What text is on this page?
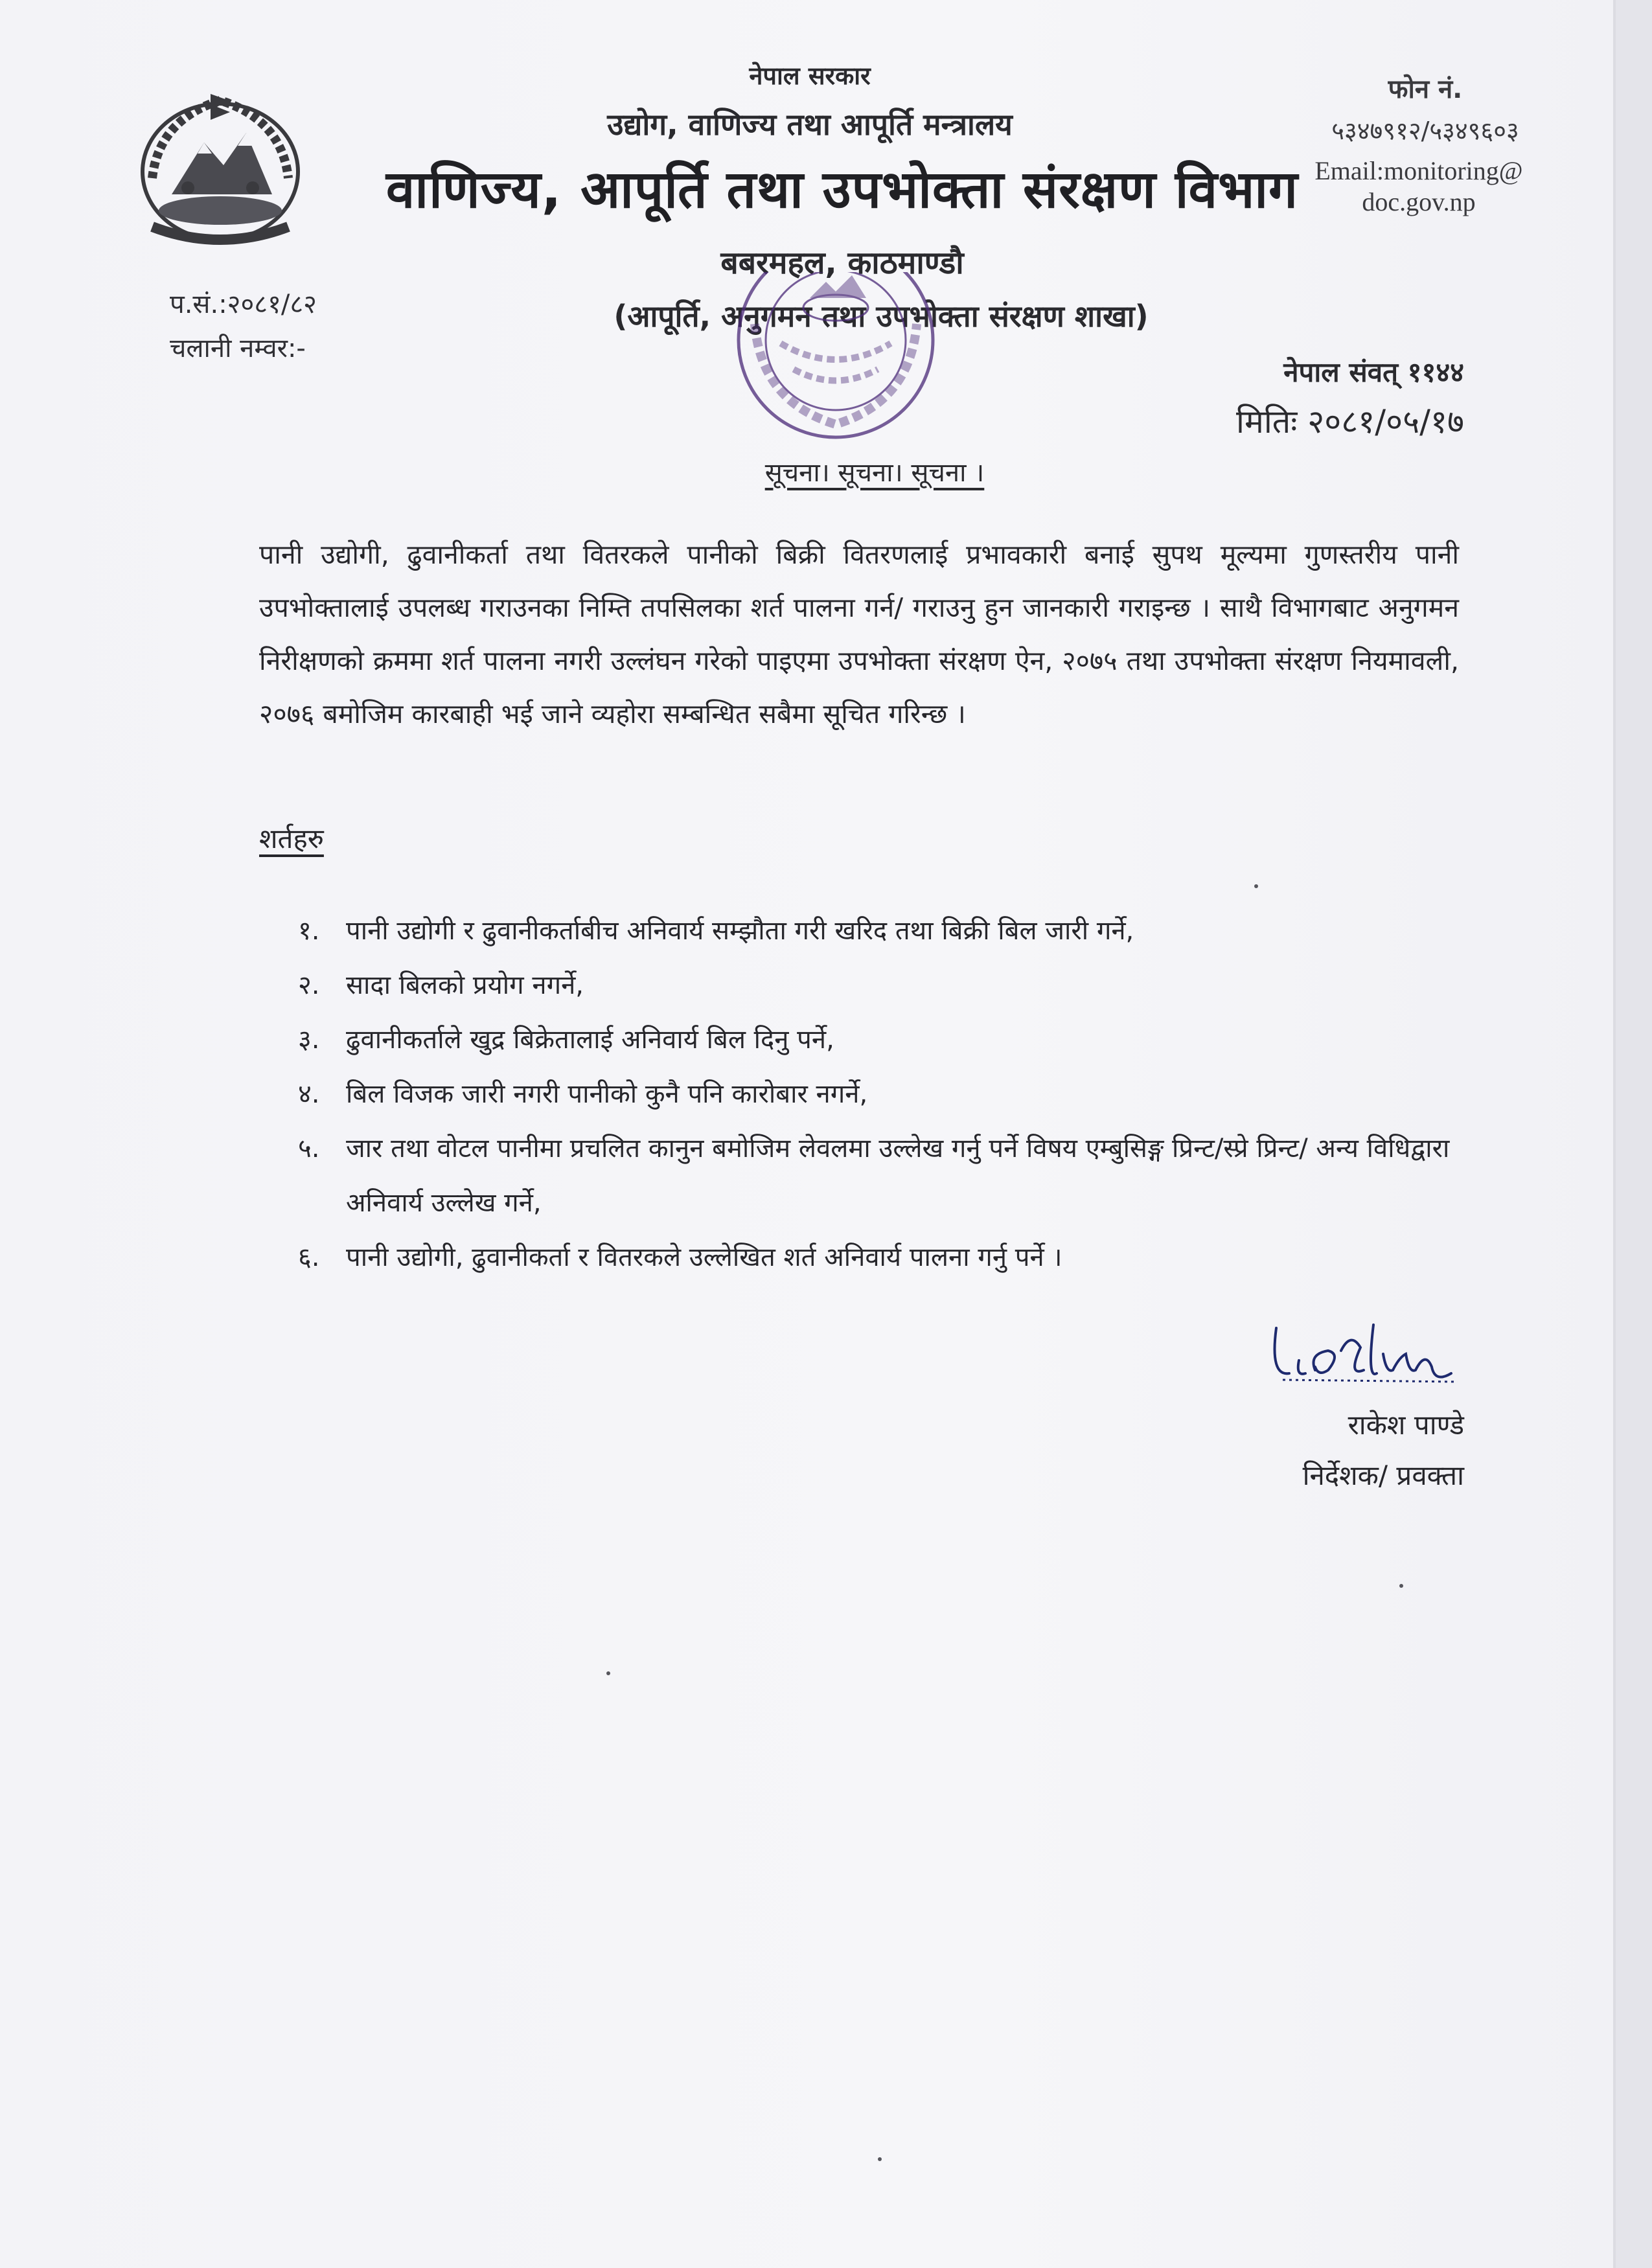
नेपाल सरकार
उद्योग, वाणिज्य तथा आपूर्ति मन्त्रालय
वाणिज्य, आपूर्ति तथा उपभोक्ता संरक्षण विभाग
बबरमहल, काठमाण्डौ
(आपूर्ति, अनुगमन तथा उपभोक्ता संरक्षण शाखा)
फोन नं.
५३४७९१२/५३४९६०३
Email:monitoring@
doc.gov.np
प.सं.:२०८१/८२
चलानी नम्वर:-
नेपाल संवत् ११४४
मितिः २०८१/०५/१७
सूचना। सूचना। सूचना ।
पानी उद्योगी, ढुवानीकर्ता तथा वितरकले पानीको बिक्री वितरणलाई प्रभावकारी बनाई सुपथ मूल्यमा गुणस्तरीय पानी उपभोक्तालाई उपलब्ध गराउनका निम्ति तपसिलका शर्त पालना गर्न/ गराउनु हुन जानकारी गराइन्छ । साथै विभागबाट अनुगमन निरीक्षणको क्रममा शर्त पालना नगरी उल्लंघन गरेको पाइएमा उपभोक्ता संरक्षण ऐन, २०७५ तथा उपभोक्ता संरक्षण नियमावली, २०७६ बमोजिम कारबाही भई जाने व्यहोरा सम्बन्धित सबैमा सूचित गरिन्छ ।
शर्तहरु
१.	पानी उद्योगी र ढुवानीकर्ताबीच अनिवार्य सम्झौता गरी खरिद तथा बिक्री बिल जारी गर्ने,
२.	सादा बिलको प्रयोग नगर्ने,
३.	ढुवानीकर्ताले खुद्र बिक्रेतालाई अनिवार्य बिल दिनु पर्ने,
४.	बिल विजक जारी नगरी पानीको कुनै पनि कारोबार नगर्ने,
५.	जार तथा वोटल पानीमा प्रचलित कानुन बमोजिम लेवलमा उल्लेख गर्नु पर्ने विषय एम्बुसिङ्ग प्रिन्ट/स्प्रे प्रिन्ट/ अन्य विधिद्वारा अनिवार्य उल्लेख गर्ने,
६.	पानी उद्योगी, ढुवानीकर्ता र वितरकले उल्लेखित शर्त अनिवार्य पालना गर्नु पर्ने ।
राकेश पाण्डे
निर्देशक/ प्रवक्ता
